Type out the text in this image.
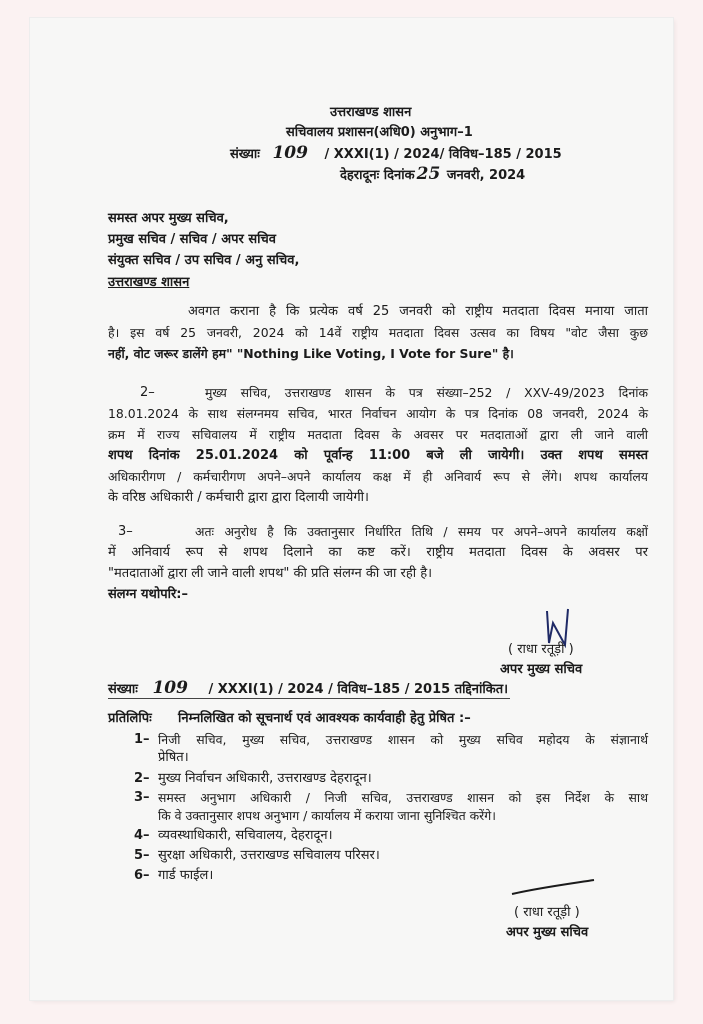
उत्तराखण्ड शासन
सचिवालय प्रशासन(अधि0) अनुभाग–1
संख्याः 109 / XXXI(1) / 2024/ विविध–185 / 2015
देहरादूनः दिनांक 25 जनवरी, 2024
समस्त अपर मुख्य सचिव,
प्रमुख सचिव / सचिव / अपर सचिव
संयुक्त सचिव / उप सचिव / अनु सचिव,
उत्तराखण्ड शासन
अवगत कराना है कि प्रत्येक वर्ष 25 जनवरी को राष्ट्रीय मतदाता दिवस मनाया जाता
है। इस वर्ष 25 जनवरी, 2024 को 14वें राष्ट्रीय मतदाता दिवस उत्सव का विषय "वोट जैसा कुछ
नहीं, वोट जरूर डालेंगे हम" "Nothing Like Voting, I Vote for Sure" है।
2–	मुख्य सचिव, उत्तराखण्ड शासन के पत्र संख्या–252 / XXV-49/2023 दिनांक
18.01.2024 के साथ संलग्नमय सचिव, भारत निर्वाचन आयोग के पत्र दिनांक 08 जनवरी, 2024 के
क्रम में राज्य सचिवालय में राष्ट्रीय मतदाता दिवस के अवसर पर मतदाताओं द्वारा ली जाने वाली
शपथ दिनांक 25.01.2024 को पूर्वान्ह 11:00 बजे ली जायेगी। उक्त शपथ समस्त
अधिकारीगण / कर्मचारीगण अपने–अपने कार्यालय कक्ष में ही अनिवार्य रूप से लेंगे। शपथ कार्यालय
के वरिष्ठ अधिकारी / कर्मचारी द्वारा द्वारा दिलायी जायेगी।
3–	अतः अनुरोध है कि उक्तानुसार निर्धारित तिथि / समय पर अपने–अपने कार्यालय कक्षों
में अनिवार्य रूप से शपथ दिलाने का कष्ट करें। राष्ट्रीय मतदाता दिवस के अवसर पर
"मतदाताओं द्वारा ली जाने वाली शपथ" की प्रति संलग्न की जा रही है।
संलग्न यथोपरि:–
( राधा रतूड़ी )
अपर मुख्य सचिव
संख्याः 109 / XXXI(1) / 2024 / विविध–185 / 2015 तद्दिनांकित।
प्रतिलिपिः निम्नलिखित को सूचनार्थ एवं आवश्यक कार्यवाही हेतु प्रेषित :–
1– निजी सचिव, मुख्य सचिव, उत्तराखण्ड शासन को मुख्य सचिव महोदय के संज्ञानार्थ
प्रेषित।
2– मुख्य निर्वाचन अधिकारी, उत्तराखण्ड देहरादून।
3– समस्त अनुभाग अधिकारी / निजी सचिव, उत्तराखण्ड शासन को इस निर्देश के साथ
कि वे उक्तानुसार शपथ अनुभाग / कार्यालय में कराया जाना सुनिश्चित करेंगे।
4– व्यवस्थाधिकारी, सचिवालय, देहरादून।
5– सुरक्षा अधिकारी, उत्तराखण्ड सचिवालय परिसर।
6– गार्ड फाईल।
( राधा रतूड़ी )
अपर मुख्य सचिव
